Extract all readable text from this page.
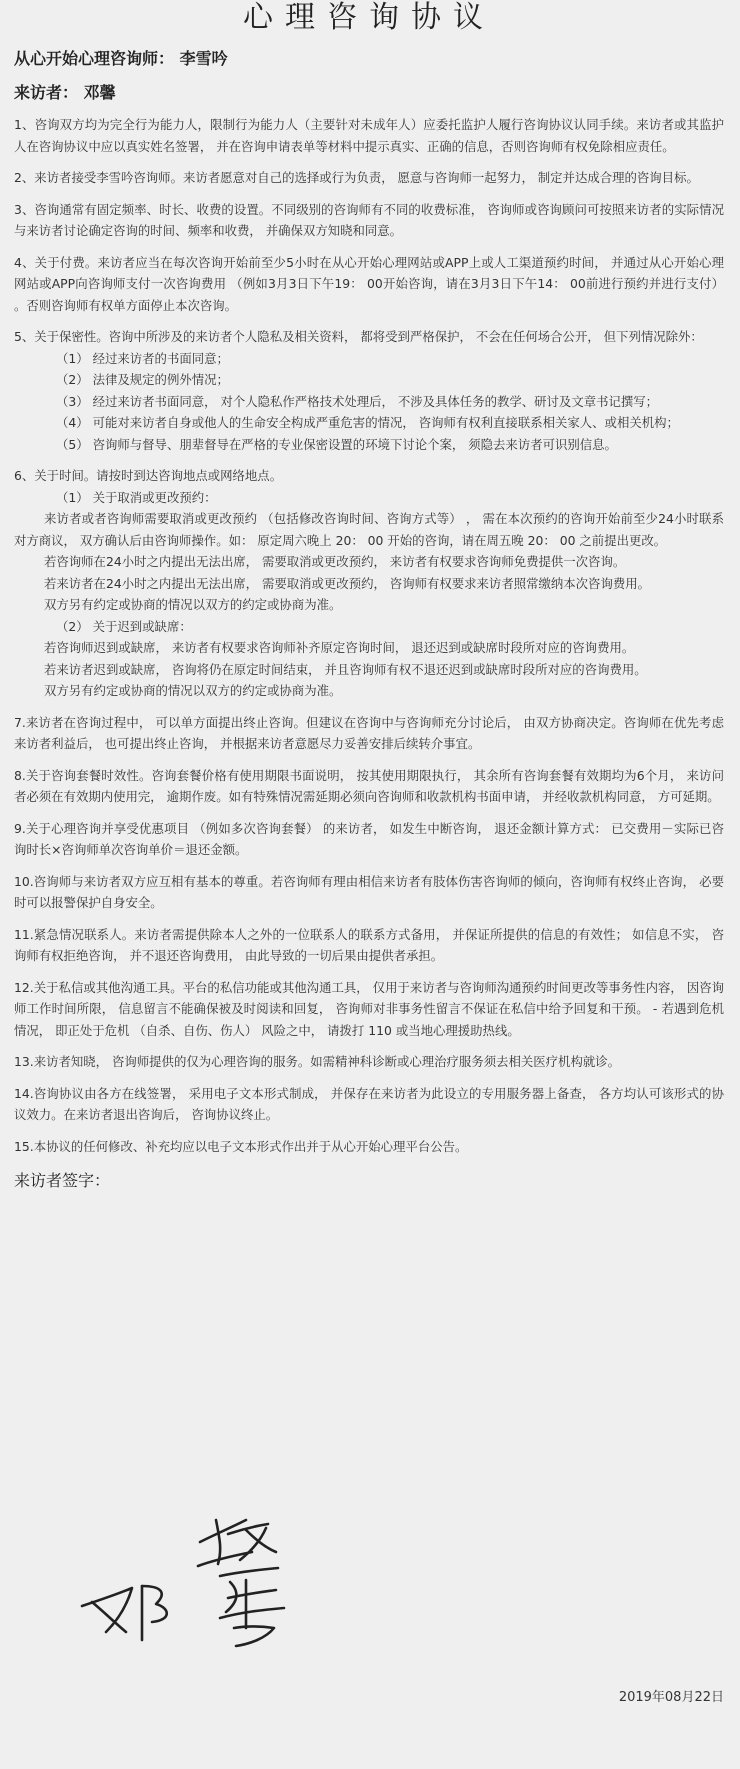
心理咨询协议

从心开始心理咨询师： 李雪吟

来访者： 邓馨

1、咨询双方均为完全行为能力人，限制行为能力人（主要针对未成年人）应委托监护人履行咨询协议认同手续。来访者或其监护人在咨询协议中应以真实姓名签署， 并在咨询申请表单等材料中提示真实、正确的信息，否则咨询师有权免除相应责任。

2、来访者接受李雪吟咨询师。来访者愿意对自己的选择或行为负责， 愿意与咨询师一起努力， 制定并达成合理的咨询目标。

3、咨询通常有固定频率、时长、收费的设置。不同级别的咨询师有不同的收费标准， 咨询师或咨询顾问可按照来访者的实际情况与来访者讨论确定咨询的时间、频率和收费， 并确保双方知晓和同意。

4、关于付费。来访者应当在每次咨询开始前至少5小时在从心开始心理网站或APP上或人工渠道预约时间， 并通过从心开始心理网站或APP向咨询师支付一次咨询费用 （例如3月3日下午19： 00开始咨询，请在3月3日下午14： 00前进行预约并进行支付） 。否则咨询师有权单方面停止本次咨询。

5、关于保密性。咨询中所涉及的来访者个人隐私及相关资料， 都将受到严格保护， 不会在任何场合公开， 但下列情况除外：

（1） 经过来访者的书面同意；

（2） 法律及规定的例外情况；

（3） 经过来访者书面同意， 对个人隐私作严格技术处理后， 不涉及具体任务的教学、研讨及文章书记撰写；

（4） 可能对来访者自身或他人的生命安全构成严重危害的情况， 咨询师有权利直接联系相关家人、或相关机构；

（5） 咨询师与督导、朋辈督导在严格的专业保密设置的环境下讨论个案， 须隐去来访者可识别信息。

6、关于时间。请按时到达咨询地点或网络地点。

（1） 关于取消或更改预约：

来访者或者咨询师需要取消或更改预约 （包括修改咨询时间、咨询方式等） ， 需在本次预约的咨询开始前至少24小时联系对方商议， 双方确认后由咨询师操作。如： 原定周六晚上 20： 00 开始的咨询，请在周五晚 20： 00 之前提出更改。

若咨询师在24小时之内提出无法出席， 需要取消或更改预约， 来访者有权要求咨询师免费提供一次咨询。

若来访者在24小时之内提出无法出席， 需要取消或更改预约， 咨询师有权要求来访者照常缴纳本次咨询费用。

双方另有约定或协商的情况以双方的约定或协商为准。

（2） 关于迟到或缺席：

若咨询师迟到或缺席， 来访者有权要求咨询师补齐原定咨询时间， 退还迟到或缺席时段所对应的咨询费用。

若来访者迟到或缺席， 咨询将仍在原定时间结束， 并且咨询师有权不退还迟到或缺席时段所对应的咨询费用。

双方另有约定或协商的情况以双方的约定或协商为准。

7.来访者在咨询过程中， 可以单方面提出终止咨询。但建议在咨询中与咨询师充分讨论后， 由双方协商决定。咨询师在优先考虑来访者利益后， 也可提出终止咨询， 并根据来访者意愿尽力妥善安排后续转介事宜。

8.关于咨询套餐时效性。咨询套餐价格有使用期限书面说明， 按其使用期限执行， 其余所有咨询套餐有效期均为6个月， 来访问者必须在有效期内使用完， 逾期作废。如有特殊情况需延期必须向咨询师和收款机构书面申请， 并经收款机构同意， 方可延期。

9.关于心理咨询并享受优惠项目 （例如多次咨询套餐） 的来访者， 如发生中断咨询， 退还金额计算方式： 已交费用－实际已咨询时长×咨询师单次咨询单价＝退还金额。

10.咨询师与来访者双方应互相有基本的尊重。若咨询师有理由相信来访者有肢体伤害咨询师的倾向，咨询师有权终止咨询， 必要时可以报警保护自身安全。

11.紧急情况联系人。来访者需提供除本人之外的一位联系人的联系方式备用， 并保证所提供的信息的有效性； 如信息不实， 咨询师有权拒绝咨询， 并不退还咨询费用， 由此导致的一切后果由提供者承担。

12.关于私信或其他沟通工具。平台的私信功能或其他沟通工具， 仅用于来访者与咨询师沟通预约时间更改等事务性内容， 因咨询师工作时间所限， 信息留言不能确保被及时阅读和回复， 咨询师对非事务性留言不保证在私信中给予回复和干预。 - 若遇到危机情况， 即正处于危机 （自杀、自伤、伤人） 风险之中， 请拨打 110 或当地心理援助热线。

13.来访者知晓， 咨询师提供的仅为心理咨询的服务。如需精神科诊断或心理治疗服务须去相关医疗机构就诊。

14.咨询协议由各方在线签署， 采用电子文本形式制成， 并保存在来访者为此设立的专用服务器上备查， 各方均认可该形式的协议效力。在来访者退出咨询后， 咨询协议终止。

15.本协议的任何修改、补充均应以电子文本形式作出并于从心开始心理平台公告。

来访者签字：

2019年08月22日
